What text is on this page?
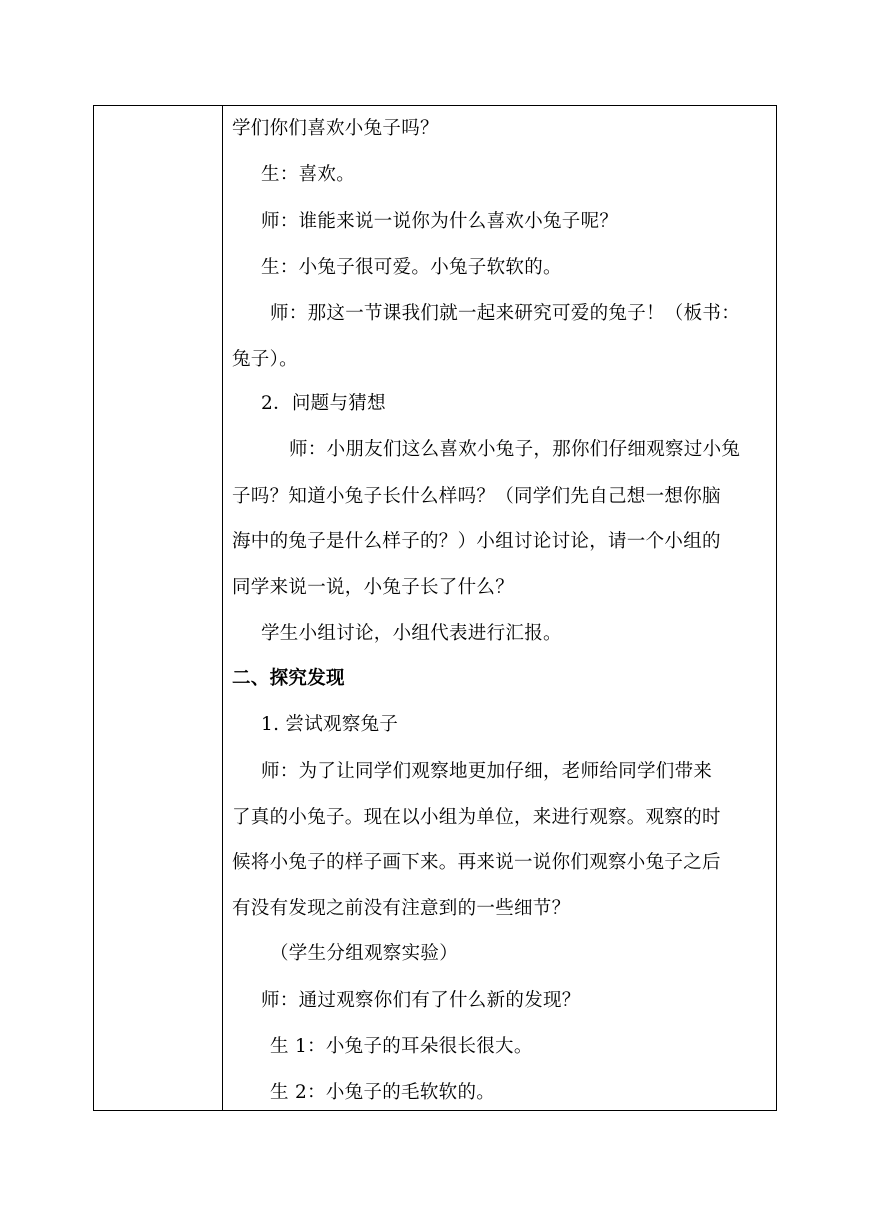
学们你们喜欢小兔子吗？
生：喜欢。
师：谁能来说一说你为什么喜欢小兔子呢？
生：小兔子很可爱。小兔子软软的。
师：那这一节课我们就一起来研究可爱的兔子！（板书：
兔子）。
2．问题与猜想
师：小朋友们这么喜欢小兔子，那你们仔细观察过小兔
子吗？知道小兔子长什么样吗？（同学们先自己想一想你脑
海中的兔子是什么样子的？）小组讨论讨论，请一个小组的
同学来说一说，小兔子长了什么？
学生小组讨论，小组代表进行汇报。
二、探究发现
1. 尝试观察兔子
师：为了让同学们观察地更加仔细，老师给同学们带来
了真的小兔子。现在以小组为单位，来进行观察。观察的时
候将小兔子的样子画下来。再来说一说你们观察小兔子之后
有没有发现之前没有注意到的一些细节？
（学生分组观察实验）
师：通过观察你们有了什么新的发现？
生 1：小兔子的耳朵很长很大。
生 2：小兔子的毛软软的。
